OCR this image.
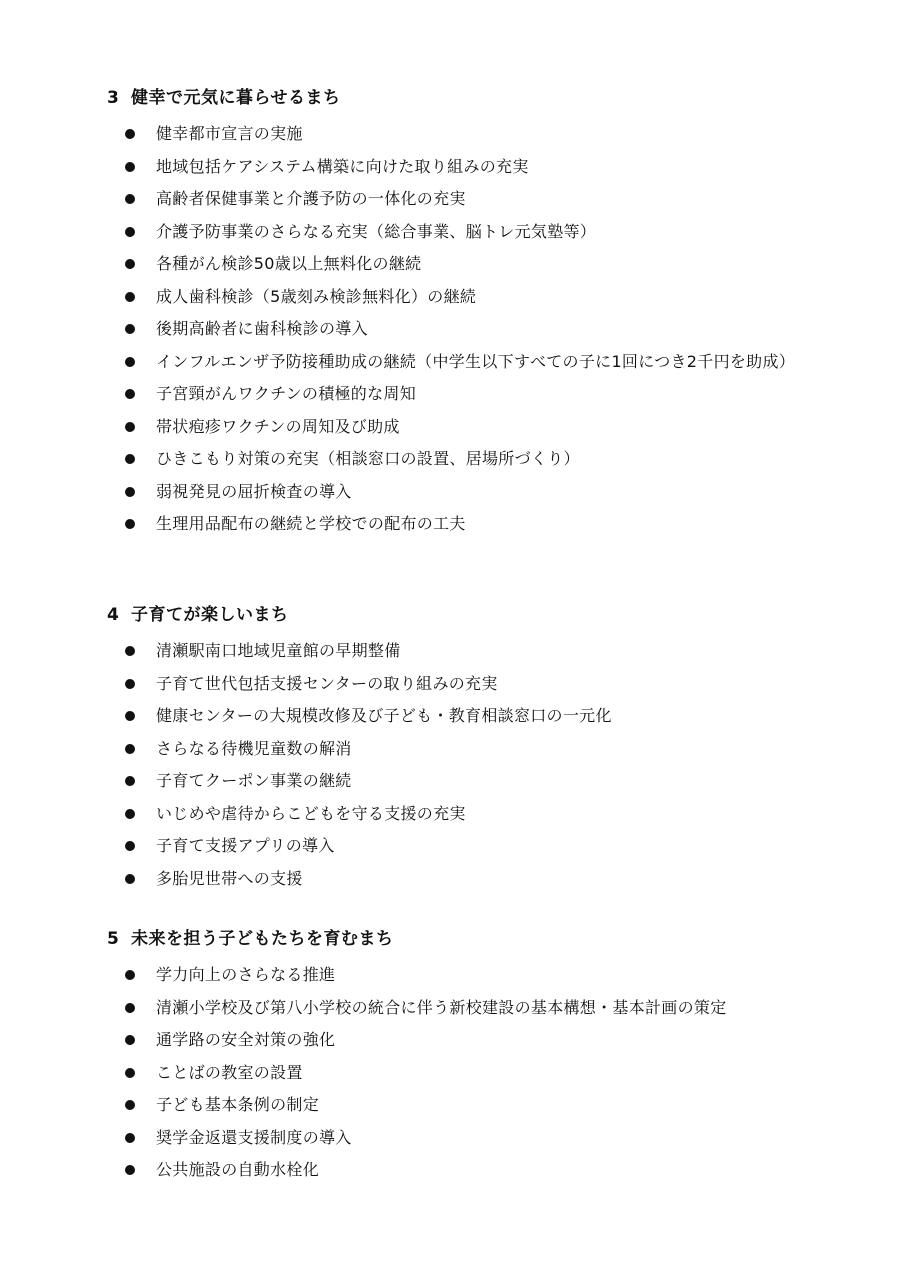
3 健幸で元気に暮らせるまち
健幸都市宣言の実施
地域包括ケアシステム構築に向けた取り組みの充実
高齢者保健事業と介護予防の一体化の充実
介護予防事業のさらなる充実（総合事業、脳トレ元気塾等）
各種がん検診50歳以上無料化の継続
成人歯科検診（5歳刻み検診無料化）の継続
後期高齢者に歯科検診の導入
インフルエンザ予防接種助成の継続（中学生以下すべての子に1回につき2千円を助成）
子宮頸がんワクチンの積極的な周知
帯状疱疹ワクチンの周知及び助成
ひきこもり対策の充実（相談窓口の設置、居場所づくり）
弱視発見の屈折検査の導入
生理用品配布の継続と学校での配布の工夫
4 子育てが楽しいまち
清瀬駅南口地域児童館の早期整備
子育て世代包括支援センターの取り組みの充実
健康センターの大規模改修及び子ども・教育相談窓口の一元化
さらなる待機児童数の解消
子育てクーポン事業の継続
いじめや虐待からこどもを守る支援の充実
子育て支援アプリの導入
多胎児世帯への支援
5 未来を担う子どもたちを育むまち
学力向上のさらなる推進
清瀬小学校及び第八小学校の統合に伴う新校建設の基本構想・基本計画の策定
通学路の安全対策の強化
ことばの教室の設置
子ども基本条例の制定
奨学金返還支援制度の導入
公共施設の自動水栓化
